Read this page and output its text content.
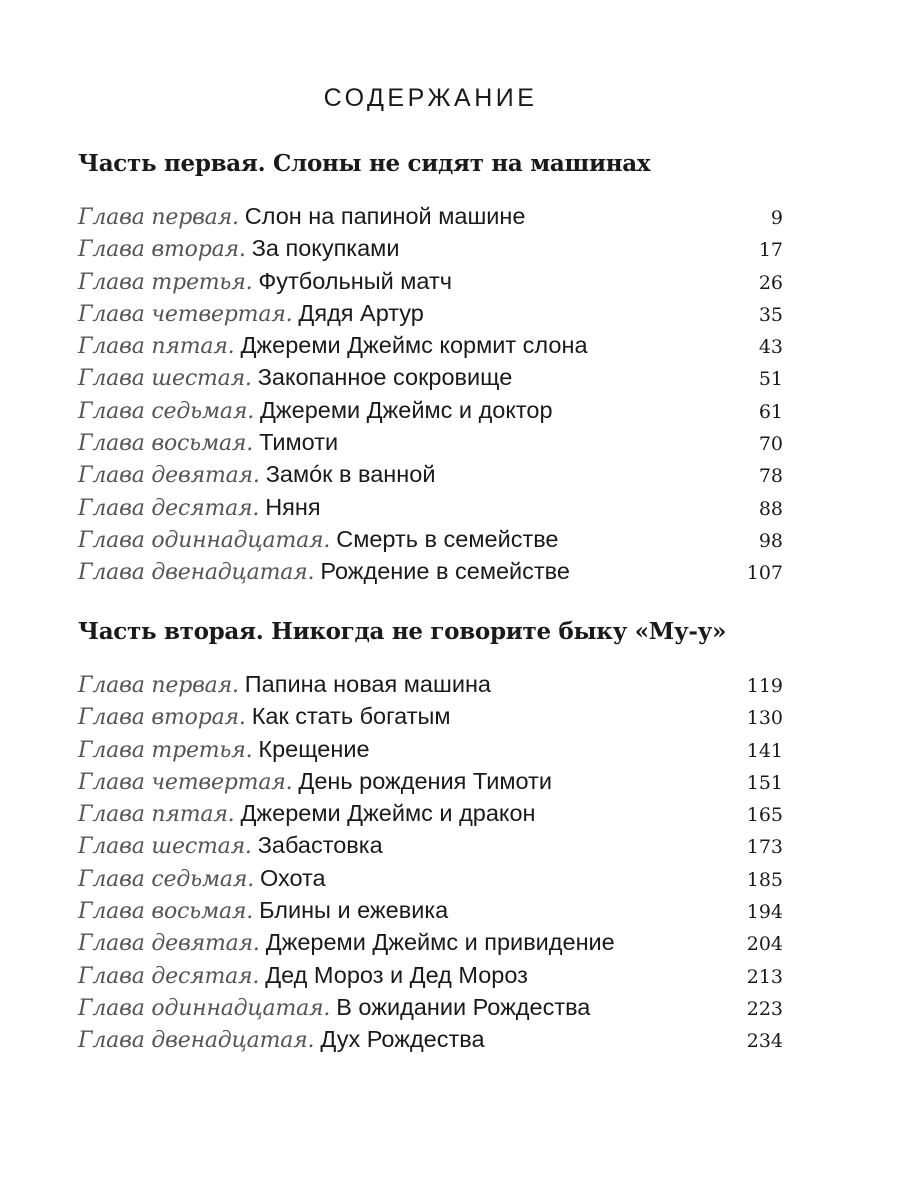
СОДЕРЖАНИЕ
Часть первая. Слоны не сидят на машинах
Глава первая. Слон на папиной машине	9
Глава вторая. За покупками	17
Глава третья. Футбольный матч	26
Глава четвертая. Дядя Артур	35
Глава пятая. Джереми Джеймс кормит слона	43
Глава шестая. Закопанное сокровище	51
Глава седьмая. Джереми Джеймс и доктор	61
Глава восьмая. Тимоти	70
Глава девятая. Замóк в ванной	78
Глава десятая. Няня	88
Глава одиннадцатая. Смерть в семействе	98
Глава двенадцатая. Рождение в семействе	107
Часть вторая. Никогда не говорите быку «Му-у»
Глава первая. Папина новая машина	119
Глава вторая. Как стать богатым	130
Глава третья. Крещение	141
Глава четвертая. День рождения Тимоти	151
Глава пятая. Джереми Джеймс и дракон	165
Глава шестая. Забастовка	173
Глава седьмая. Охота	185
Глава восьмая. Блины и ежевика	194
Глава девятая. Джереми Джеймс и привидение	204
Глава десятая. Дед Мороз и Дед Мороз	213
Глава одиннадцатая. В ожидании Рождества	223
Глава двенадцатая. Дух Рождества	234
